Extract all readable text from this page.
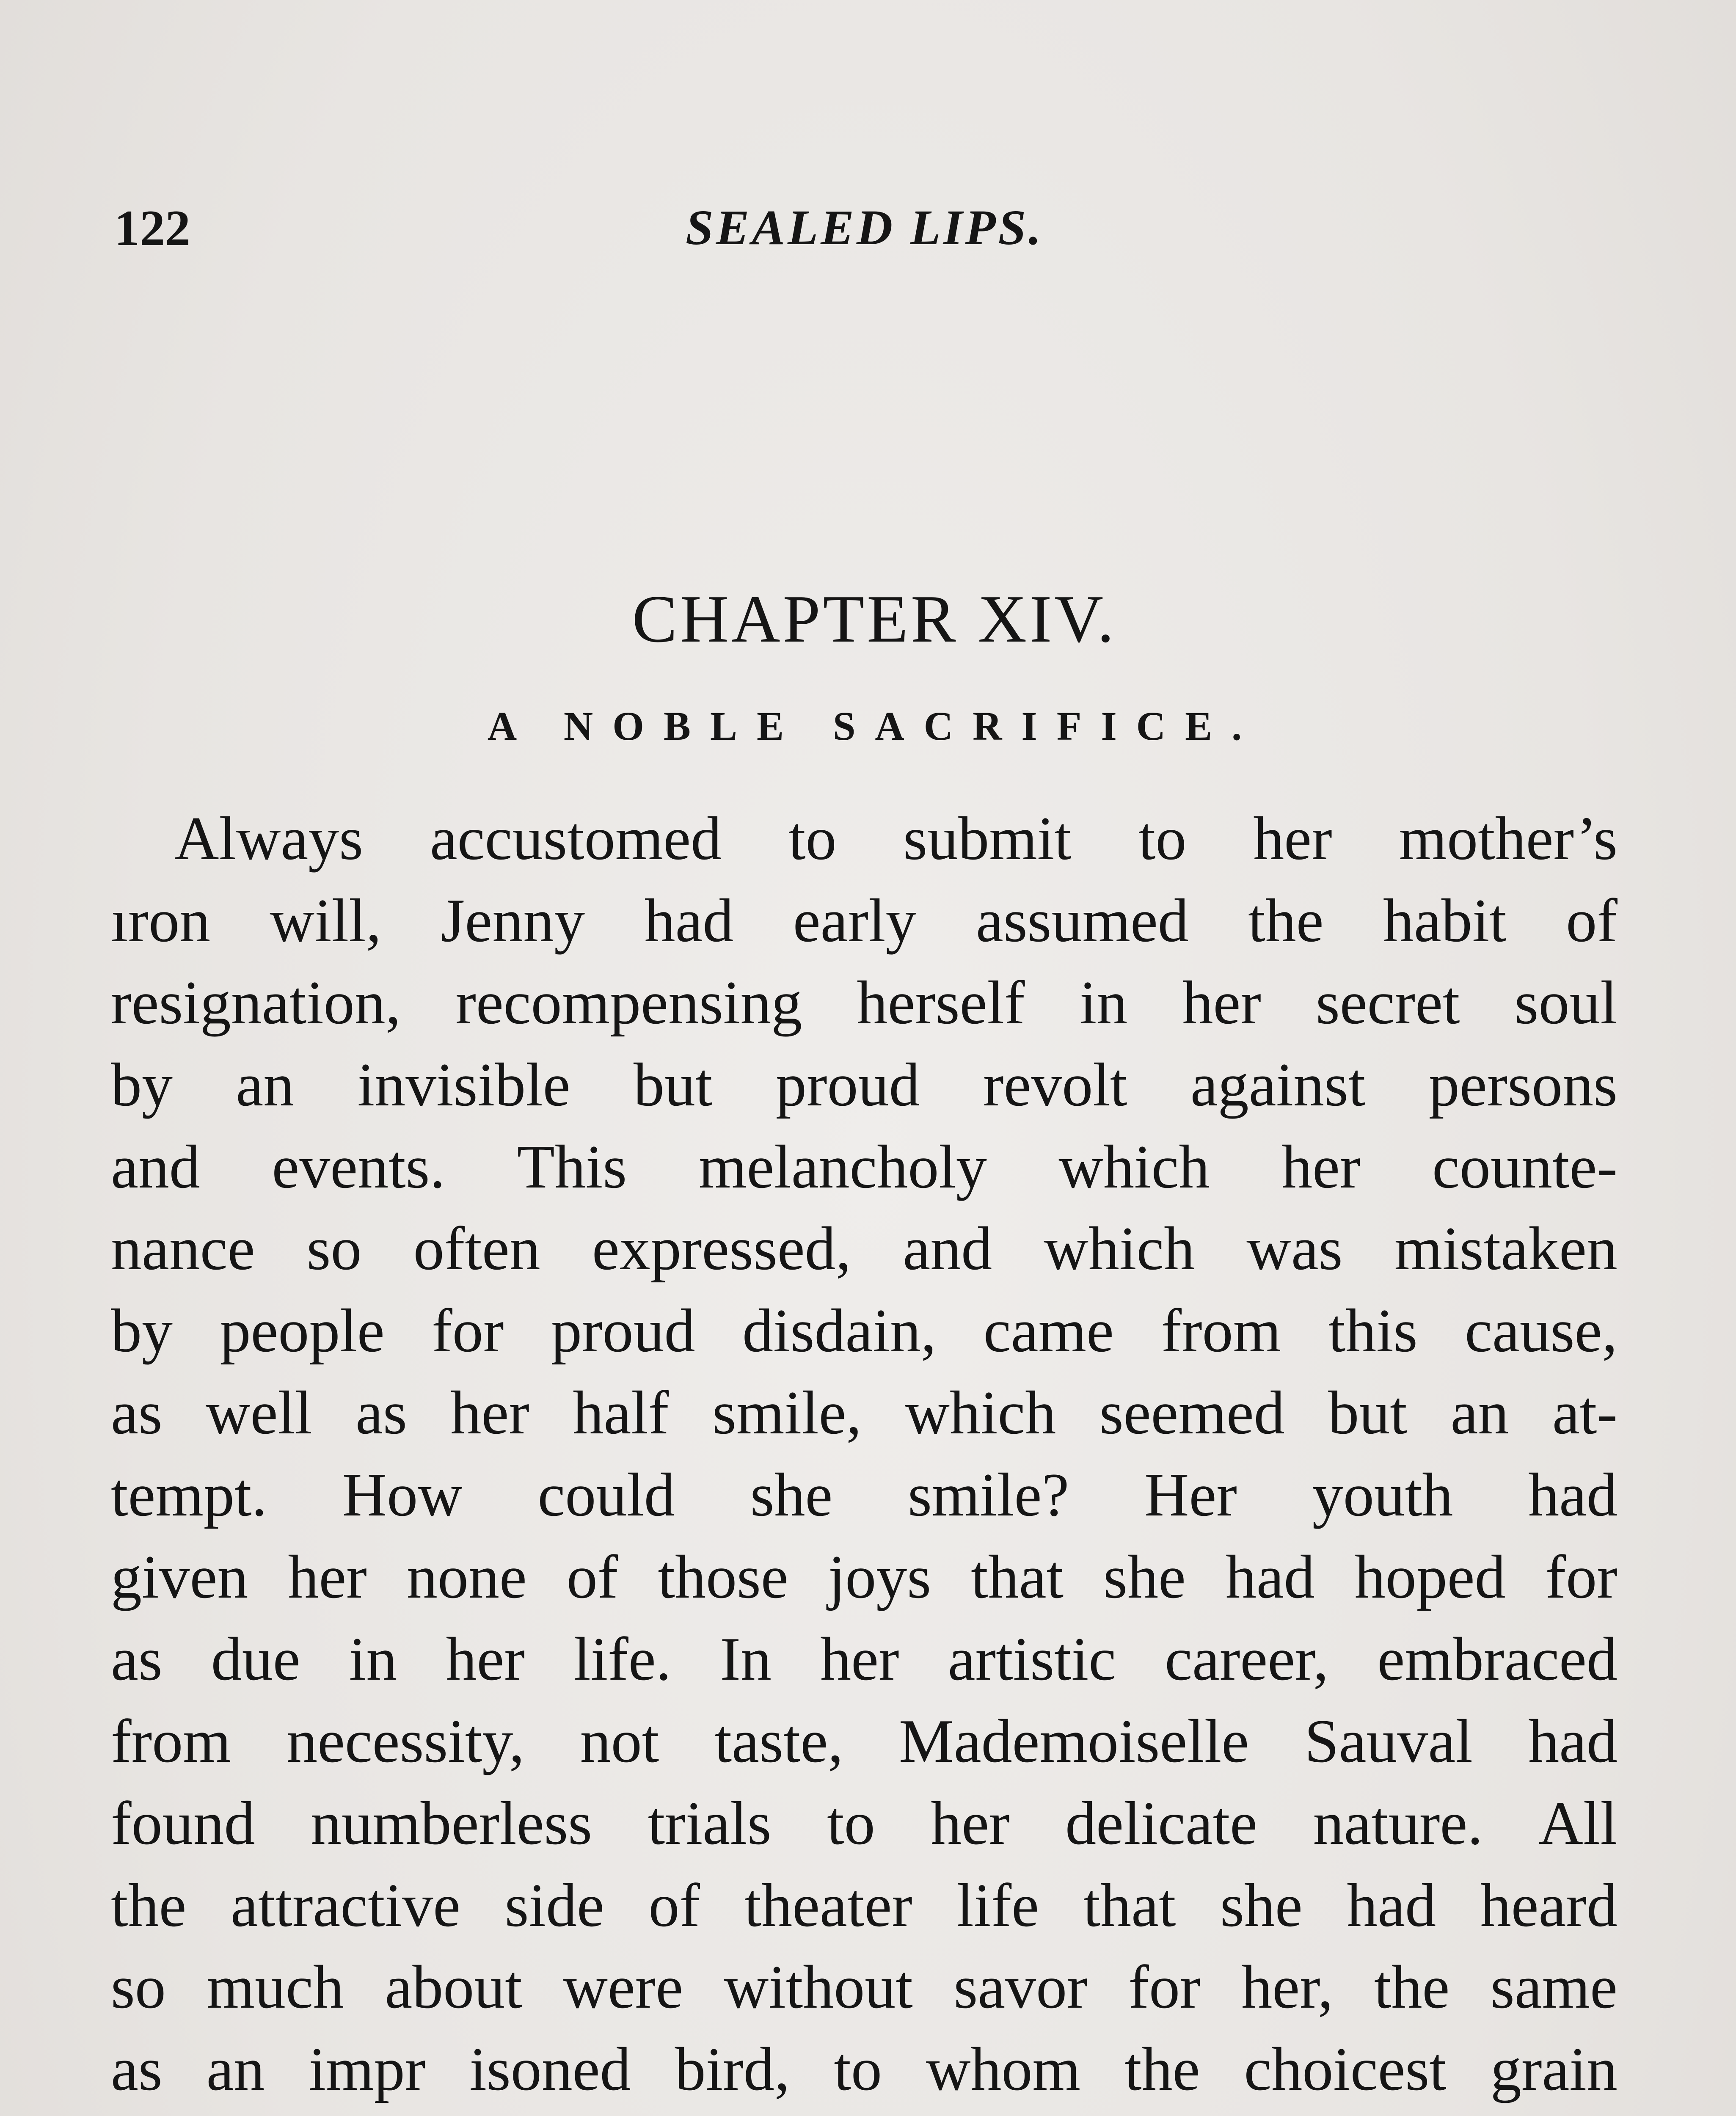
122	SEALED LIPS.
CHAPTER XIV.
A NOBLE SACRIFICE.
Always accustomed to submit to her mother’s
ıron will, Jenny had early assumed the habit of
resignation, recompensing herself in her secret soul
by an invisible but proud revolt against persons
and events. This melancholy which her counte-
nance so often expressed, and which was mistaken
by people for proud disdain, came from this cause,
as well as her half smile, which seemed but an at-
tempt. How could she smile? Her youth had
given her none of those joys that she had hoped for
as due in her life. In her artistic career, embraced
from necessity, not taste, Mademoiselle Sauval had
found numberless trials to her delicate nature. All
the attractive side of theater life that she had heard
so much about were without savor for her, the same
as an impr isoned bird, to whom the choicest grain
